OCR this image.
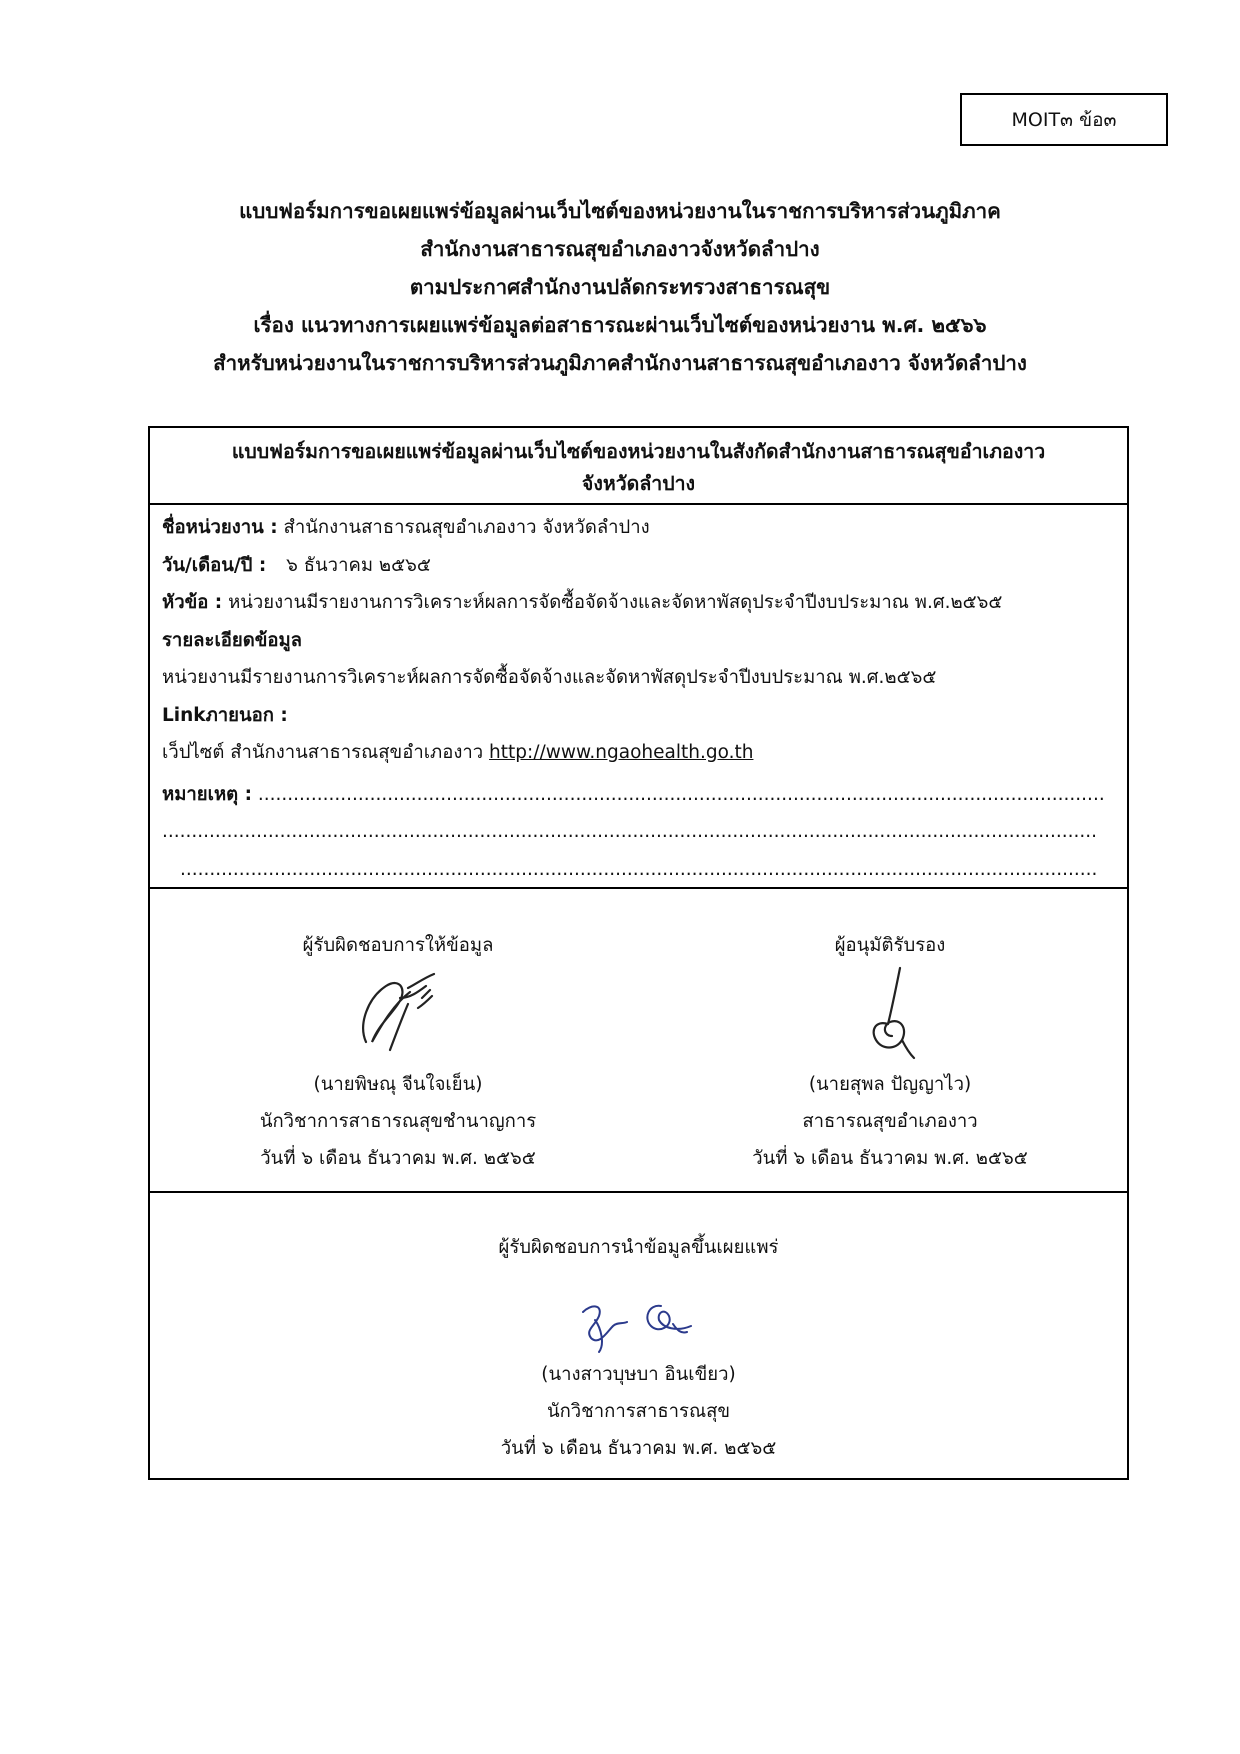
MOIT๓ ข้อ๓
แบบฟอร์มการขอเผยแพร่ข้อมูลผ่านเว็บไซต์ของหน่วยงานในราชการบริหารส่วนภูมิภาค
สำนักงานสาธารณสุขอำเภองาวจังหวัดลำปาง
ตามประกาศสำนักงานปลัดกระทรวงสาธารณสุข
เรื่อง แนวทางการเผยแพร่ข้อมูลต่อสาธารณะผ่านเว็บไซต์ของหน่วยงาน พ.ศ. ๒๕๖๖
สำหรับหน่วยงานในราชการบริหารส่วนภูมิภาคสำนักงานสาธารณสุขอำเภองาว จังหวัดลำปาง
แบบฟอร์มการขอเผยแพร่ข้อมูลผ่านเว็บไซต์ของหน่วยงานในสังกัดสำนักงานสาธารณสุขอำเภองาว
จังหวัดลำปาง
ชื่อหน่วยงาน : สำนักงานสาธารณสุขอำเภองาว จังหวัดลำปาง
วัน/เดือน/ปี : ๖ ธันวาคม ๒๕๖๕
หัวข้อ : หน่วยงานมีรายงานการวิเคราะห์ผลการจัดซื้อจัดจ้างและจัดหาพัสดุประจำปีงบประมาณ พ.ศ.๒๕๖๕
รายละเอียดข้อมูล
หน่วยงานมีรายงานการวิเคราะห์ผลการจัดซื้อจัดจ้างและจัดหาพัสดุประจำปีงบประมาณ พ.ศ.๒๕๖๕
Linkภายนอก :
เว็ปไซต์ สำนักงานสาธารณสุขอำเภองาว http://www.ngaohealth.go.th
หมายเหตุ : ................................................................................................................................................
...............................................................................................................................................................
............................................................................................................................................................
ผู้รับผิดชอบการให้ข้อมูล
(นายพิษณุ จีนใจเย็น)
นักวิชาการสาธารณสุขชำนาญการ
วันที่ ๖ เดือน ธันวาคม พ.ศ. ๒๕๖๕
ผู้อนุมัติรับรอง
(นายสุพล ปัญญาไว)
สาธารณสุขอำเภองาว
วันที่ ๖ เดือน ธันวาคม พ.ศ. ๒๕๖๕
ผู้รับผิดชอบการนำข้อมูลขึ้นเผยแพร่
(นางสาวบุษบา อินเขียว)
นักวิชาการสาธารณสุข
วันที่ ๖ เดือน ธันวาคม พ.ศ. ๒๕๖๕
